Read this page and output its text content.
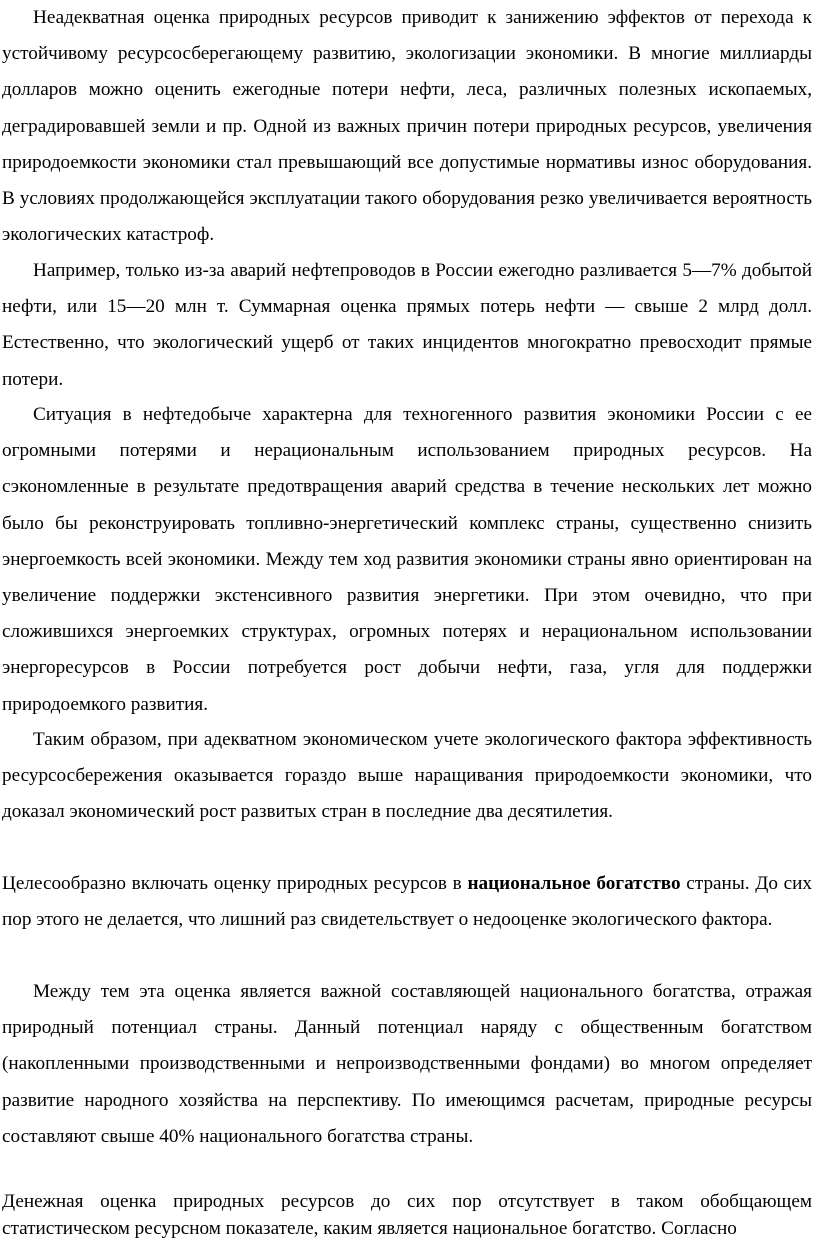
Неадекватная оценка природных ресурсов приводит к занижению эффектов от перехода к устойчивому ресурсосберегающему развитию, экологизации экономики. В многие миллиарды долларов можно оценить ежегодные потери нефти, леса, различных полезных ископаемых, деградировавшей земли и пр. Одной из важных причин потери природных ресурсов, увеличения природоемкости экономики стал превышающий все допустимые нормативы износ оборудования. В условиях продолжающейся эксплуатации такого оборудования резко увеличивается вероятность экологических катастроф.

Например, только из-за аварий нефтепроводов в России ежегодно разливается 5—7% добытой нефти, или 15—20 млн т. Суммарная оценка прямых потерь нефти — свыше 2 млрд долл. Естественно, что экологический ущерб от таких инцидентов многократно превосходит прямые потери.

Ситуация в нефтедобыче характерна для техногенного развития экономики России с ее огромными потерями и нерациональным использованием природных ресурсов. На сэкономленные в результате предотвращения аварий средства в течение нескольких лет можно было бы реконструировать топливно-энергетический комплекс страны, существенно снизить энергоемкость всей экономики. Между тем ход развития экономики страны явно ориентирован на увеличение поддержки экстенсивного развития энергетики. При этом очевидно, что при сложившихся энергоемких структурах, огромных потерях и нерациональном использовании энергоресурсов в России потребуется рост добычи нефти, газа, угля для поддержки природоемкого развития.

Таким образом, при адекватном экономическом учете экологического фактора эффективность ресурсосбережения оказывается гораздо выше наращивания природоемкости экономики, что доказал экономический рост развитых стран в последние два десятилетия.

Целесообразно включать оценку природных ресурсов в национальное богатство страны. До сих пор этого не делается, что лишний раз свидетельствует о недооценке экологического фактора.

Между тем эта оценка является важной составляющей национального богатства, отражая природный потенциал страны. Данный потенциал наряду с общественным богатством (накопленными производственными и непроизводственными фондами) во многом определяет развитие народного хозяйства на перспективу. По имеющимся расчетам, природные ресурсы составляют свыше 40% национального богатства страны.

Денежная оценка природных ресурсов до сих пор отсутствует в таком обобщающем статистическом ресурсном показателе, каким является национальное богатство. Согласно
